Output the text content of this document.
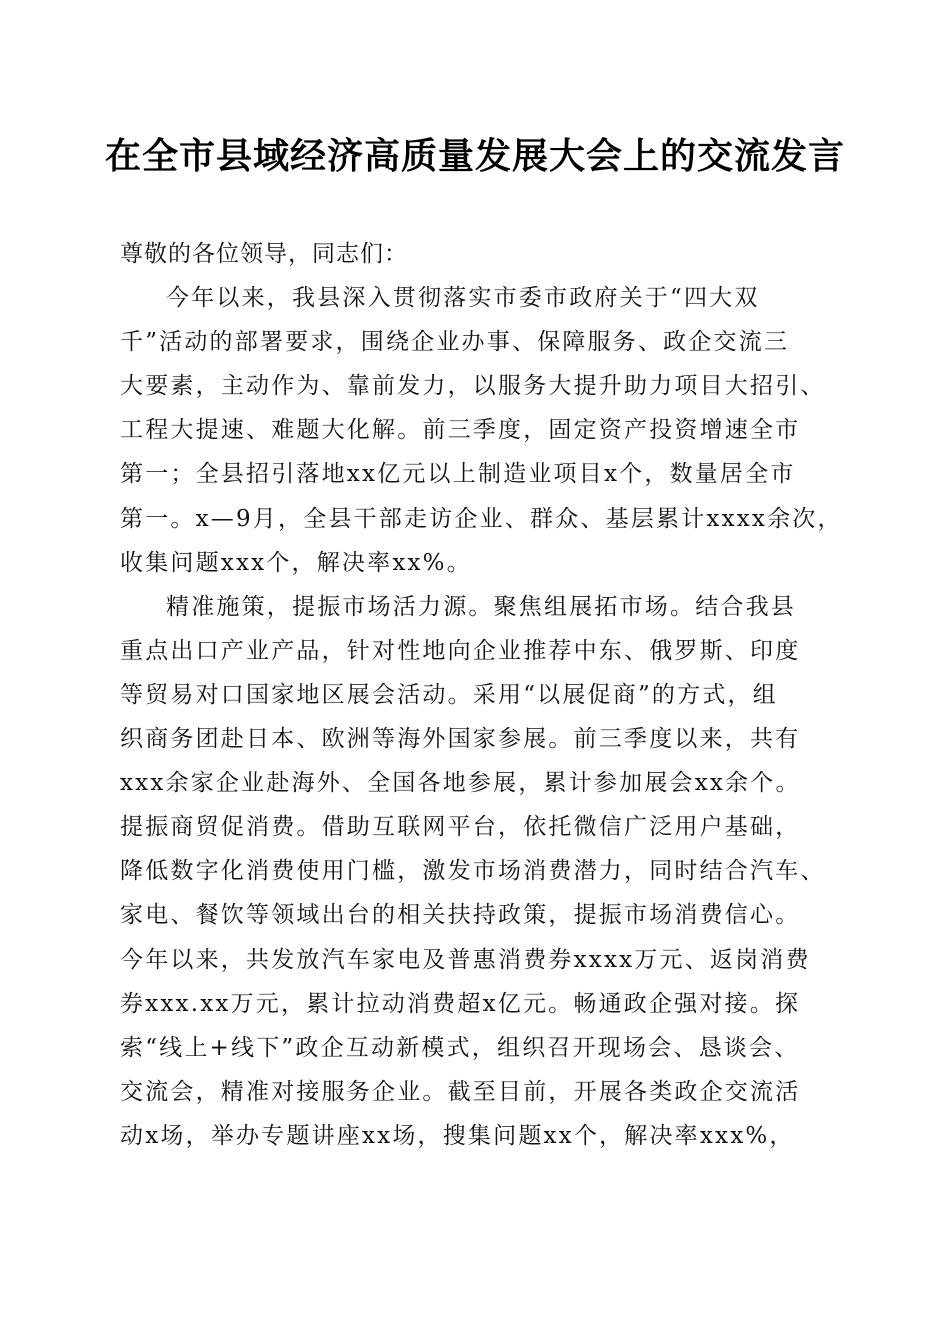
在全市县域经济高质量发展大会上的交流发言
尊敬的各位领导，同志们：
今年以来，我县深入贯彻落实市委市政府关于“四大双
千”活动的部署要求，围绕企业办事、保障服务、政企交流三
大要素，主动作为、靠前发力，以服务大提升助力项目大招引、
工程大提速、难题大化解。前三季度，固定资产投资增速全市
第一；全县招引落地xx亿元以上制造业项目x个，数量居全市
第一。x—9月，全县干部走访企业、群众、基层累计xxxx余次，
收集问题xxx个，解决率xx%。
精准施策，提振市场活力源。聚焦组展拓市场。结合我县
重点出口产业产品，针对性地向企业推荐中东、俄罗斯、印度
等贸易对口国家地区展会活动。采用“以展促商”的方式，组
织商务团赴日本、欧洲等海外国家参展。前三季度以来，共有
xxx余家企业赴海外、全国各地参展，累计参加展会xx余个。
提振商贸促消费。借助互联网平台，依托微信广泛用户基础，
降低数字化消费使用门槛，激发市场消费潜力，同时结合汽车、
家电、餐饮等领域出台的相关扶持政策，提振市场消费信心。
今年以来，共发放汽车家电及普惠消费券xxxx万元、返岗消费
券xxx.xx万元，累计拉动消费超x亿元。畅通政企强对接。探
索“线上+线下”政企互动新模式，组织召开现场会、恳谈会、
交流会，精准对接服务企业。截至目前，开展各类政企交流活
动x场，举办专题讲座xx场，搜集问题xx个，解决率xxx%，
